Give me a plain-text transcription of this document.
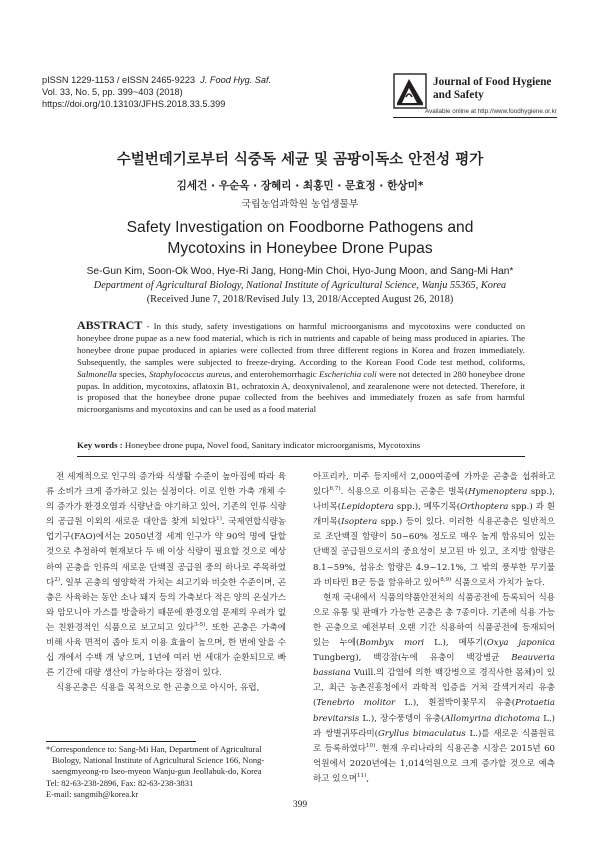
pISSN 1229-1153 / eISSN 2465-9223 J. Food Hyg. Saf.
Vol. 33, No. 5, pp. 399~403 (2018)
https://doi.org/10.13103/JFHS.2018.33.5.399
Journal of Food Hygiene
and Safety
Available online at http://www.foodhygiene.or.kr
수벌번데기로부터 식중독 세균 및 곰팡이독소 안전성 평가
김세건 · 우순옥 · 장혜리 · 최홍민 · 문효정 · 한상미*
국립농업과학원 농업생물부
Safety Investigation on Foodborne Pathogens and
Mycotoxins in Honeybee Drone Pupas
Se-Gun Kim, Soon-Ok Woo, Hye-Ri Jang, Hong-Min Choi, Hyo-Jung Moon, and Sang-Mi Han*
Department of Agricultural Biology, National Institute of Agricultural Science, Wanju 55365, Korea
(Received June 7, 2018/Revised July 13, 2018/Accepted August 26, 2018)
ABSTRACT - In this study, safety investigations on harmful microorganisms and mycotoxins were conducted on honeybee drone pupae as a new food material, which is rich in nutrients and capable of being mass produced in apiaries. The honeybee drone pupae produced in apiaries were collected from three different regions in Korea and frozen immediately. Subsequently, the samples were subjected to freeze-drying. According to the Korean Food Code test method, coliforms, Salmonella species, Staphylococcus aureus, and enterohemorrhagic Escherichia coli were not detected in 280 honeybee drone pupas. In addition, mycotoxins, aflatoxin B1, ochratoxin A, deoxynivalenol, and zearalenone were not detected. Therefore, it is proposed that the honeybee drone pupae collected from the beehives and immediately frozen as safe from harmful microorganisms and mycotoxins and can be used as a food material
Key words : Honeybee drone pupa, Novel food, Sanitary indicator microorganisms, Mycotoxins

전 세계적으로 인구의 증가와 식생활 수준이 높아짐에 따라 육류 소비가 크게 증가하고 있는 실정이다. 이로 인한 가축 개체 수의 증가가 환경오염과 식량난을 야기하고 있어, 기존의 인류 식량의 공급원 이외의 새로운 대안을 찾게 되었다$^{1)}$. 국제연합식량농업기구(FAO)에서는 2050년경 세계 인구가 약 90억 명에 달할 것으로 추정하여 현재보다 두 배 이상 식량이 필요할 것으로 예상하여 곤충을 인류의 새로운 단백질 공급원 중의 하나로 주목하였다$^{2)}$. 일부 곤충의 영양학적 가치는 쇠고기와 비슷한 수준이며, 곤충은 사육하는 동안 소나 돼지 등의 가축보다 적은 양의 온실가스와 암모니아 가스를 방출하기 때문에 환경오염 문제의 우려가 없는 친환경적인 식품으로 보고되고 있다$^{3-5)}$. 또한 곤충은 가축에 비해 사육 면적이 좁아 토지 이용 효율이 높으며, 한 번에 알을 수십 개에서 수백 개 낳으며, 1년에 여러 번 세대가 순환되므로 빠른 기간에 대량 생산이 가능하다는 장점이 있다.

식용곤충은 식용을 목적으로 한 곤충으로 아시아, 유럽,

아프리카, 미주 등지에서 2,000여종에 가까운 곤충을 섭취하고 있다$^{6,7)}$. 식용으로 이용되는 곤충은 벌목(Hymenoptera spp.), 나비목(Lepidoptera spp.), 메뚜기목(Orthoptera spp.) 과 흰개미목(Isoptera spp.) 등이 있다. 이러한 식용곤충은 일반적으로 조단백질 함량이 50~60% 정도로 매우 높게 함유되어 있는 단백질 공급원으로서의 중요성이 보고된 바 있고, 조지방 함량은 8.1~59%, 섬유소 함량은 4.9~12.1%, 그 밖의 풍부한 무기물과 비타민 B군 등을 함유하고 있어$^{8,9)}$ 식품으로서 가치가 높다.

현재 국내에서 식품의약품안전처의 식품공전에 등록되어 식용으로 유통 및 판매가 가능한 곤충은 총 7종이다. 기존에 식용 가능한 곤충으로 예전부터 오랜 기간 식용하여 식품공전에 등재되어 있는 누에(Bombyx mori L.), 메뚜기(Oxya japonica Tungberg), 백강잠(누에 유충이 백강병균 Beauveria bassiana Vuill.의 감염에 의한 백강병으로 경직사한 몸체)이 있고, 최근 농촌진흥청에서 과학적 입증을 거쳐 갈색거저리 유충(Tenebrio molitor L.), 흰점박이꽃무지 유충(Protaetia brevitarsis L.), 장수풍뎅이 유충(Allomyrina dichotoma L.)과 쌍별귀뚜라미(Gryllus bimaculatus L.)를 새로운 식품원료로 등록하였다$^{10)}$. 현재 우리나라의 식용곤충 시장은 2015년 60억원에서 2020년에는 1,014억원으로 크게 증가할 것으로 예측하고 있으며$^{11)}$,

*Correspondence to: Sang-Mi Han, Department of Agricultural
Biology, National Institute of Agricultural Science 166, Nong-
saengmyeong-ro Iseo-myeon Wanju-gun Jeollabuk-do, Korea
Tel: 82-63-238-2896, Fax: 82-63-238-3831
E-mail: sangmih@korea.kr
399
